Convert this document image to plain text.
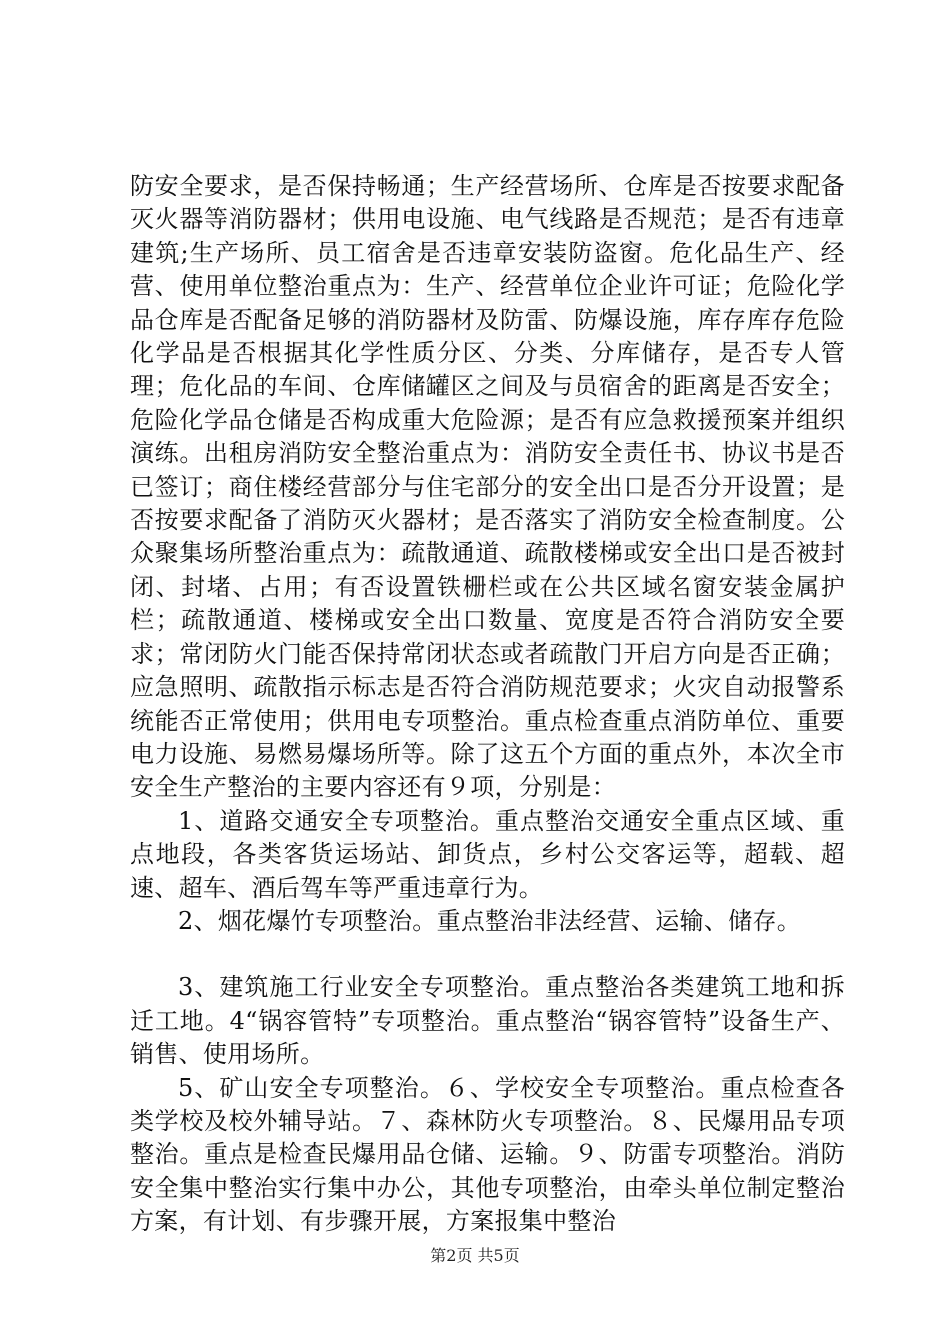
防安全要求，是否保持畅通；生产经营场所、仓库是否按要求配备灭火器等消防器材；供用电设施、电气线路是否规范；是否有违章建筑;生产场所、员工宿舍是否违章安装防盗窗。危化品生产、经营、使用单位整治重点为：生产、经营单位企业许可证；危险化学品仓库是否配备足够的消防器材及防雷、防爆设施，库存库存危险化学品是否根据其化学性质分区、分类、分库储存，是否专人管理；危化品的车间、仓库储罐区之间及与员宿舍的距离是否安全；危险化学品仓储是否构成重大危险源；是否有应急救援预案并组织演练。出租房消防安全整治重点为：消防安全责任书、协议书是否已签订；商住楼经营部分与住宅部分的安全出口是否分开设置；是否按要求配备了消防灭火器材；是否落实了消防安全检查制度。公众聚集场所整治重点为：疏散通道、疏散楼梯或安全出口是否被封闭、封堵、占用；有否设置铁栅栏或在公共区域名窗安装金属护栏；疏散通道、楼梯或安全出口数量、宽度是否符合消防安全要求；常闭防火门能否保持常闭状态或者疏散门开启方向是否正确；应急照明、疏散指示标志是否符合消防规范要求；火灾自动报警系统能否正常使用；供用电专项整治。重点检查重点消防单位、重要电力设施、易燃易爆场所等。除了这五个方面的重点外，本次全市安全生产整治的主要内容还有９项，分别是：

1、道路交通安全专项整治。重点整治交通安全重点区域、重点地段，各类客货运场站、卸货点，乡村公交客运等，超载、超速、超车、酒后驾车等严重违章行为。

2、烟花爆竹专项整治。重点整治非法经营、运输、储存。

3、建筑施工行业安全专项整治。重点整治各类建筑工地和拆迁工地。4“锅容管特”专项整治。重点整治“锅容管特”设备生产、销售、使用场所。

5、矿山安全专项整治。６、学校安全专项整治。重点检查各类学校及校外辅导站。７、森林防火专项整治。８、民爆用品专项整治。重点是检查民爆用品仓储、运输。９、防雷专项整治。消防安全集中整治实行集中办公，其他专项整治，由牵头单位制定整治方案，有计划、有步骤开展，方案报集中整治

第2页 共5页
